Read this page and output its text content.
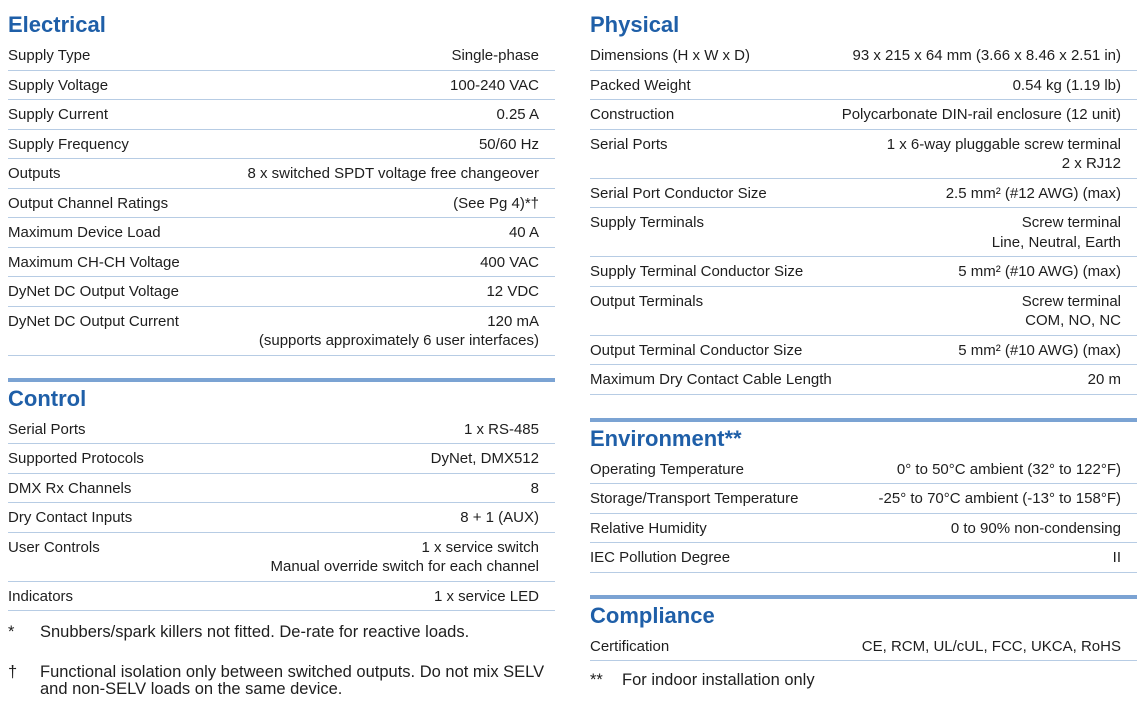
Electrical
Supply Type	Single-phase
Supply Voltage	100-240 VAC
Supply Current	0.25 A
Supply Frequency	50/60 Hz
Outputs	8 x switched SPDT voltage free changeover
Output Channel Ratings	(See Pg 4)*†
Maximum Device Load	40 A
Maximum CH-CH Voltage	400 VAC
DyNet DC Output Voltage	12 VDC
DyNet DC Output Current	120 mA
(supports approximately 6 user interfaces)
Control
Serial Ports	1 x RS-485
Supported Protocols	DyNet, DMX512
DMX Rx Channels	8
Dry Contact Inputs	8 + 1 (AUX)
User Controls	1 x service switch
Manual override switch for each channel
Indicators	1 x service LED
*	Snubbers/spark killers not fitted. De-rate for reactive loads.
†	Functional isolation only between switched outputs. Do not mix SELV and non-SELV loads on the same device.
Physical
Dimensions (H x W x D)	93 x 215 x 64 mm (3.66 x 8.46 x 2.51 in)
Packed Weight	0.54 kg (1.19 lb)
Construction	Polycarbonate DIN-rail enclosure (12 unit)
Serial Ports	1 x 6-way pluggable screw terminal
2 x RJ12
Serial Port Conductor Size	2.5 mm² (#12 AWG) (max)
Supply Terminals	Screw terminal
Line, Neutral, Earth
Supply Terminal Conductor Size	5 mm² (#10 AWG) (max)
Output Terminals	Screw terminal
COM, NO, NC
Output Terminal Conductor Size	5 mm² (#10 AWG) (max)
Maximum Dry Contact Cable Length	20 m
Environment**
Operating Temperature	0° to 50°C ambient (32° to 122°F)
Storage/Transport Temperature	-25° to 70°C ambient (-13° to 158°F)
Relative Humidity	0 to 90% non-condensing
IEC Pollution Degree	II
Compliance
Certification	CE, RCM, UL/cUL, FCC, UKCA, RoHS
**	For indoor installation only
